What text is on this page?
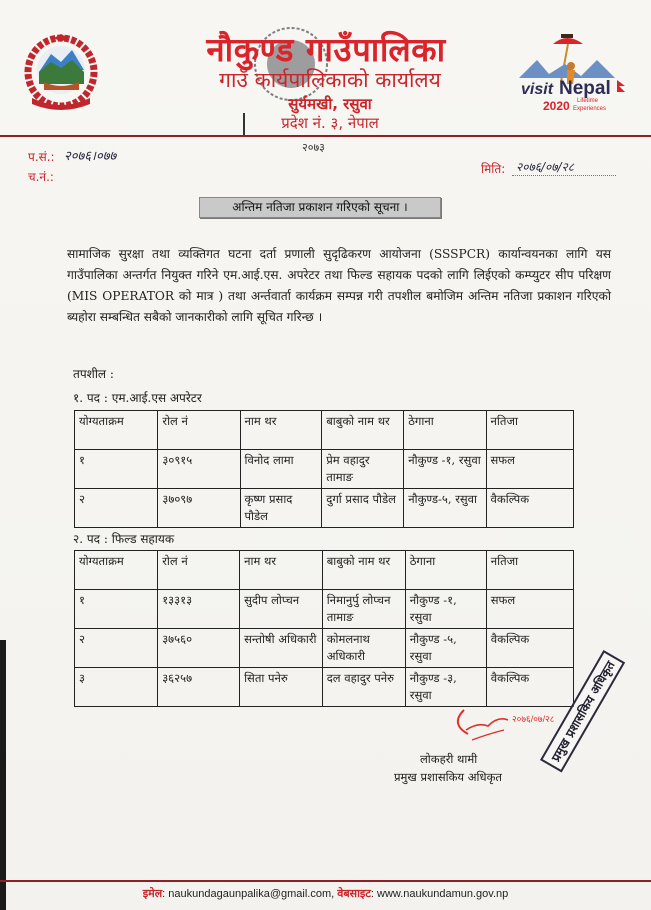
नौकुण्ड गाउँपालिका
गाउँ कार्यपालिकाको कार्यालय
सुर्यमखी, रसुवा
प्रदेश नं. ३, नेपाल
visit Nepal
2020 Lifetime
Experiences
२०७३
प.सं.: २०७६।०७७
च.नं.:
मिति: २०७६/०७/२८
अन्तिम नतिजा प्रकाशन गरिएको सूचना ।
सामाजिक सुरक्षा तथा व्यक्तिगत घटना दर्ता प्रणाली सुदृढिकरण आयोजना (SSSPCR) कार्यान्वयनका लागि यस गाउँपालिका अन्तर्गत नियुक्त गरिने एम.आई.एस. अपरेटर तथा फिल्ड सहायक पदको लागि लिईएको कम्प्युटर सीप परिक्षण (MIS OPERATOR को मात्र ) तथा अर्न्तवार्ता कार्यक्रम सम्पन्न गरी तपशील बमोजिम अन्तिम नतिजा प्रकाशन गरिएको ब्यहोरा सम्बन्धित सबैको जानकारीको लागि सूचित गरिन्छ ।
तपशील :
१. पद : एम.आई.एस अपरेटर
योग्यताक्रम	रोल नं	नाम थर	बाबुको नाम थर	ठेगाना	नतिजा
१	३०९१५	विनोद लामा	प्रेम वहादुर तामाङ	नौकुण्ड -१, रसुवा	सफल
२	३७०९७	कृष्ण प्रसाद पौडेल	दुर्गा प्रसाद पौडेल	नौकुण्ड-५, रसुवा	वैकल्पिक
२. पद : फिल्ड सहायक
योग्यताक्रम	रोल नं	नाम थर	बाबुको नाम थर	ठेगाना	नतिजा
१	१३३१३	सुदीप लोप्चन	निमानुर्पु लोप्चन तामाङ	नौकुण्ड -१, रसुवा	सफल
२	३७५६०	सन्तोषी अधिकारी	कोमलनाथ अधिकारी	नौकुण्ड -५, रसुवा	वैकल्पिक
३	३६२५७	सिता पनेरु	दल वहादुर पनेरु	नौकुण्ड -३, रसुवा	वैकल्पिक
२०७६/०७/२८
लोकहरी थामी
प्रमुख प्रशासकिय अधिकृत
प्रमुख प्रशासकिय अधिकृत
इमेल: naukundagaunpalika@gmail.com, वेबसाइट: www.naukundamun.gov.np
